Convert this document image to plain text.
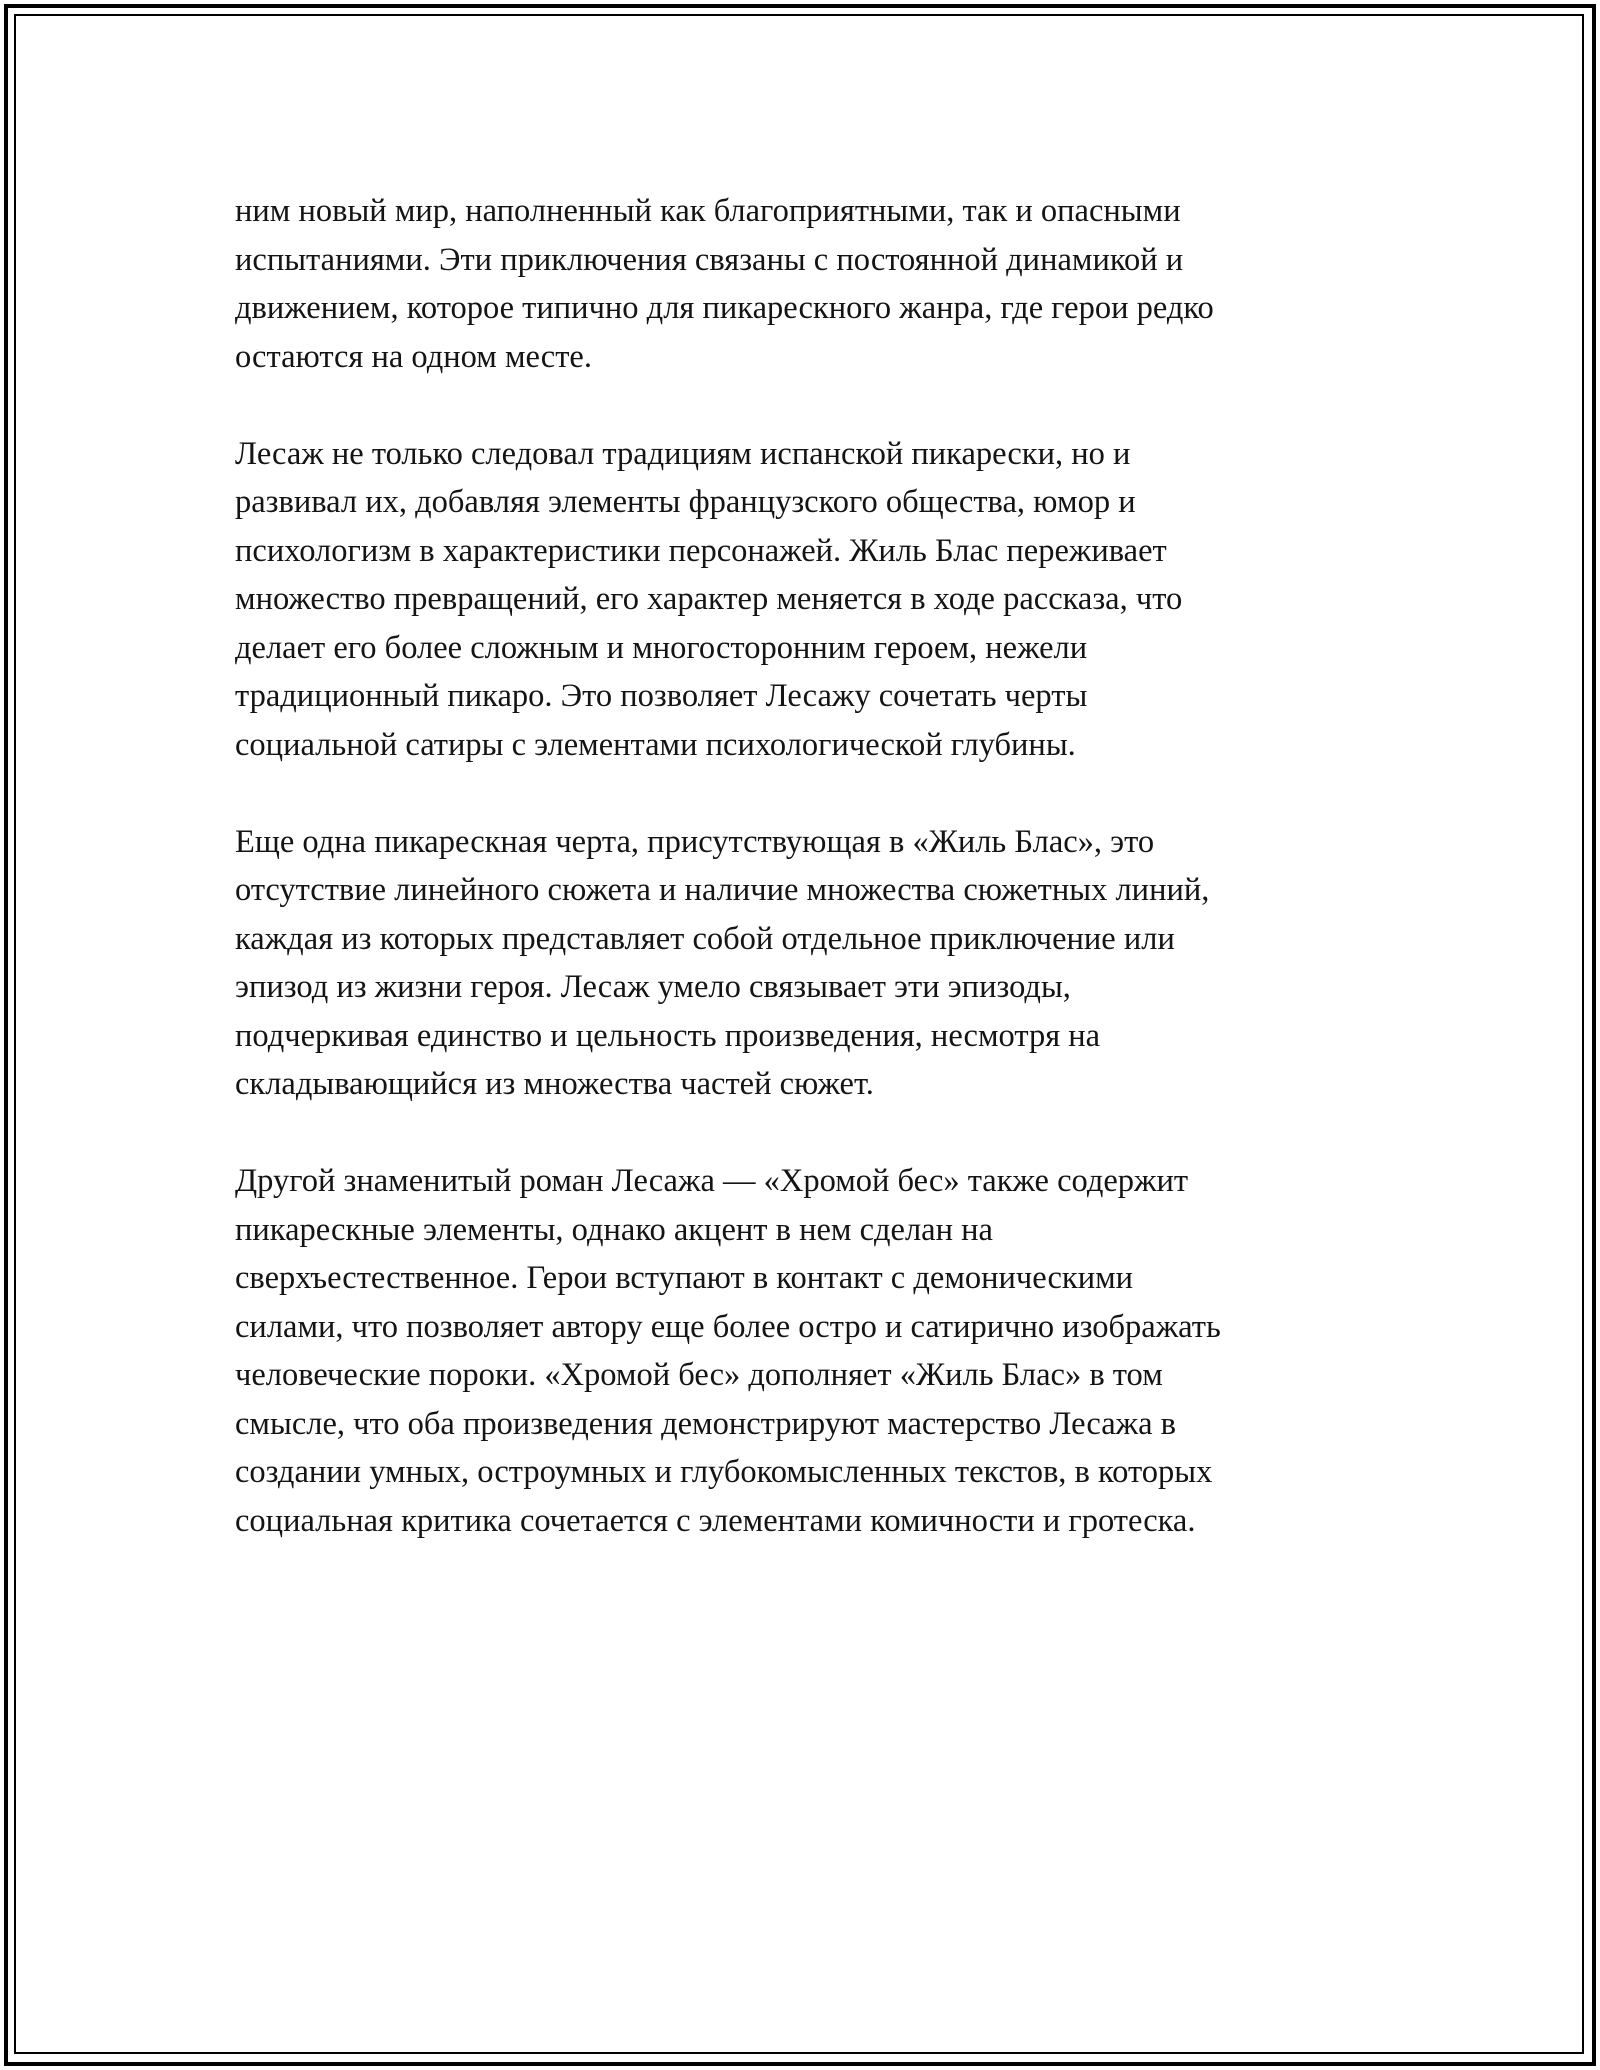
ним новый мир, наполненный как благоприятными, так и опасными
испытаниями. Эти приключения связаны с постоянной динамикой и
движением, которое типично для пикарескного жанра, где герои редко
остаются на одном месте.

Лесаж не только следовал традициям испанской пикарески, но и
развивал их, добавляя элементы французского общества, юмор и
психологизм в характеристики персонажей. Жиль Блас переживает
множество превращений, его характер меняется в ходе рассказа, что
делает его более сложным и многосторонним героем, нежели
традиционный пикаро. Это позволяет Лесажу сочетать черты
социальной сатиры с элементами психологической глубины.

Еще одна пикарескная черта, присутствующая в «Жиль Блас», это
отсутствие линейного сюжета и наличие множества сюжетных линий,
каждая из которых представляет собой отдельное приключение или
эпизод из жизни героя. Лесаж умело связывает эти эпизоды,
подчеркивая единство и цельность произведения, несмотря на
складывающийся из множества частей сюжет.

Другой знаменитый роман Лесажа — «Хромой бес» также содержит
пикарескные элементы, однако акцент в нем сделан на
сверхъестественное. Герои вступают в контакт с демоническими
силами, что позволяет автору еще более остро и сатирично изображать
человеческие пороки. «Хромой бес» дополняет «Жиль Блас» в том
смысле, что оба произведения демонстрируют мастерство Лесажа в
создании умных, остроумных и глубокомысленных текстов, в которых
социальная критика сочетается с элементами комичности и гротеска.
